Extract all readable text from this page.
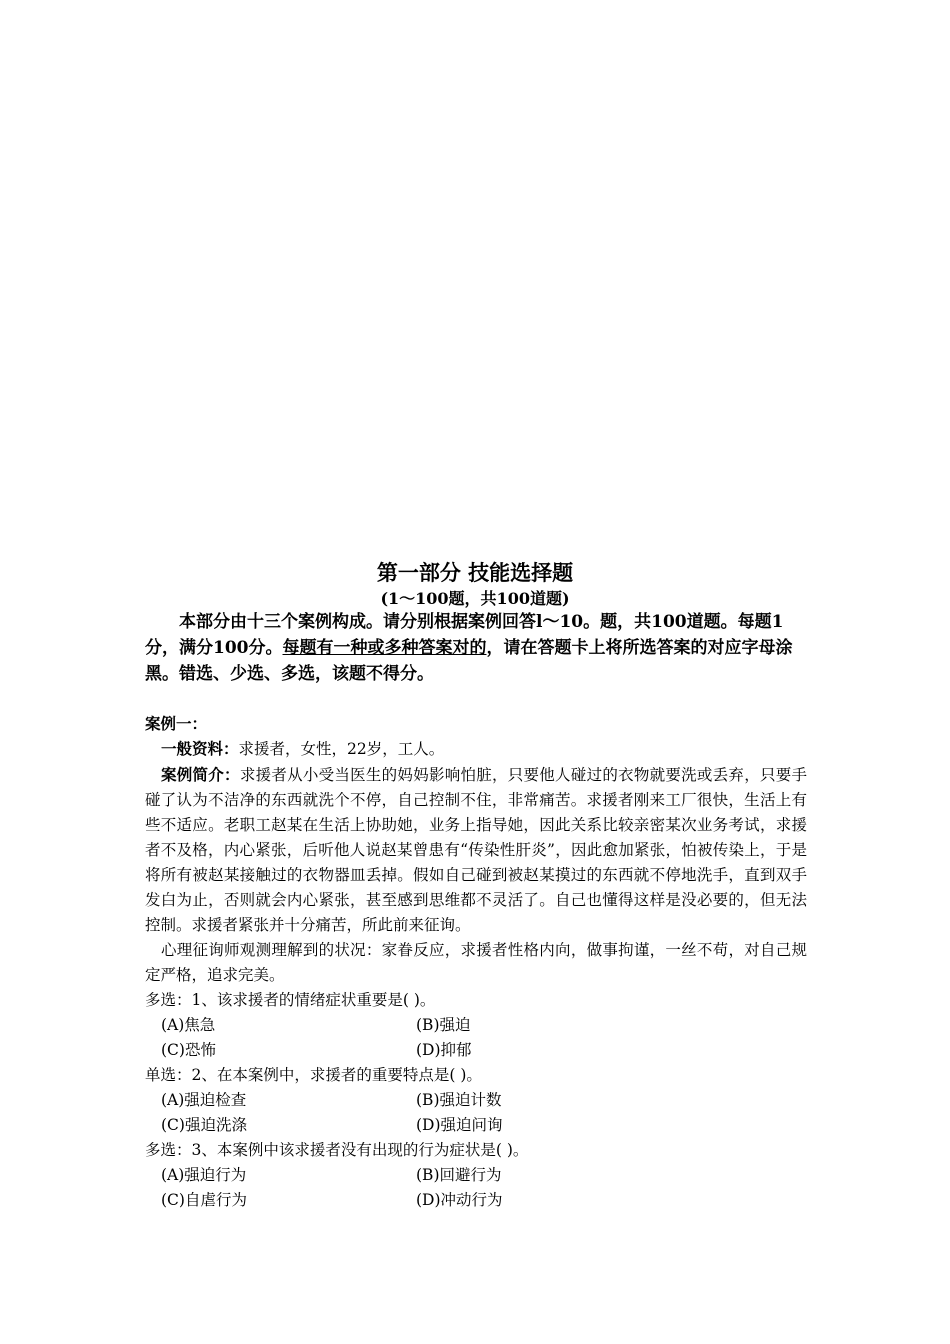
第一部分 技能选择题
(1～100题，共100道题)

本部分由十三个案例构成。请分别根据案例回答l～10。题，共100道题。每题1分，满分100分。每题有一种或多种答案对的，请在答题卡上将所选答案的对应字母涂黑。错选、少选、多选，该题不得分。

案例一：

一般资料：求援者，女性，22岁，工人。

案例简介：求援者从小受当医生的妈妈影响怕脏，只要他人碰过的衣物就要洗或丢弃，只要手碰了认为不洁净的东西就洗个不停，自己控制不住，非常痛苦。求援者刚来工厂很快，生活上有些不适应。老职工赵某在生活上协助她，业务上指导她，因此关系比较亲密某次业务考试，求援者不及格，内心紧张，后听他人说赵某曾患有“传染性肝炎”，因此愈加紧张，怕被传染上，于是将所有被赵某接触过的衣物器皿丢掉。假如自己碰到被赵某摸过的东西就不停地洗手，直到双手发白为止，否则就会内心紧张，甚至感到思维都不灵活了。自己也懂得这样是没必要的，但无法控制。求援者紧张并十分痛苦，所此前来征询。

心理征询师观测理解到的状况：家眷反应，求援者性格内向，做事拘谨，一丝不苟，对自己规定严格，追求完美。

多选：1、该求援者的情绪症状重要是( )。

(A)焦急	(B)强迫
(C)恐怖	(D)抑郁

单选：2、在本案例中，求援者的重要特点是( )。

(A)强迫检查	(B)强迫计数
(C)强迫洗涤	(D)强迫问询

多选：3、本案例中该求援者没有出现的行为症状是( )。

(A)强迫行为	(B)回避行为
(C)自虐行为	(D)冲动行为
